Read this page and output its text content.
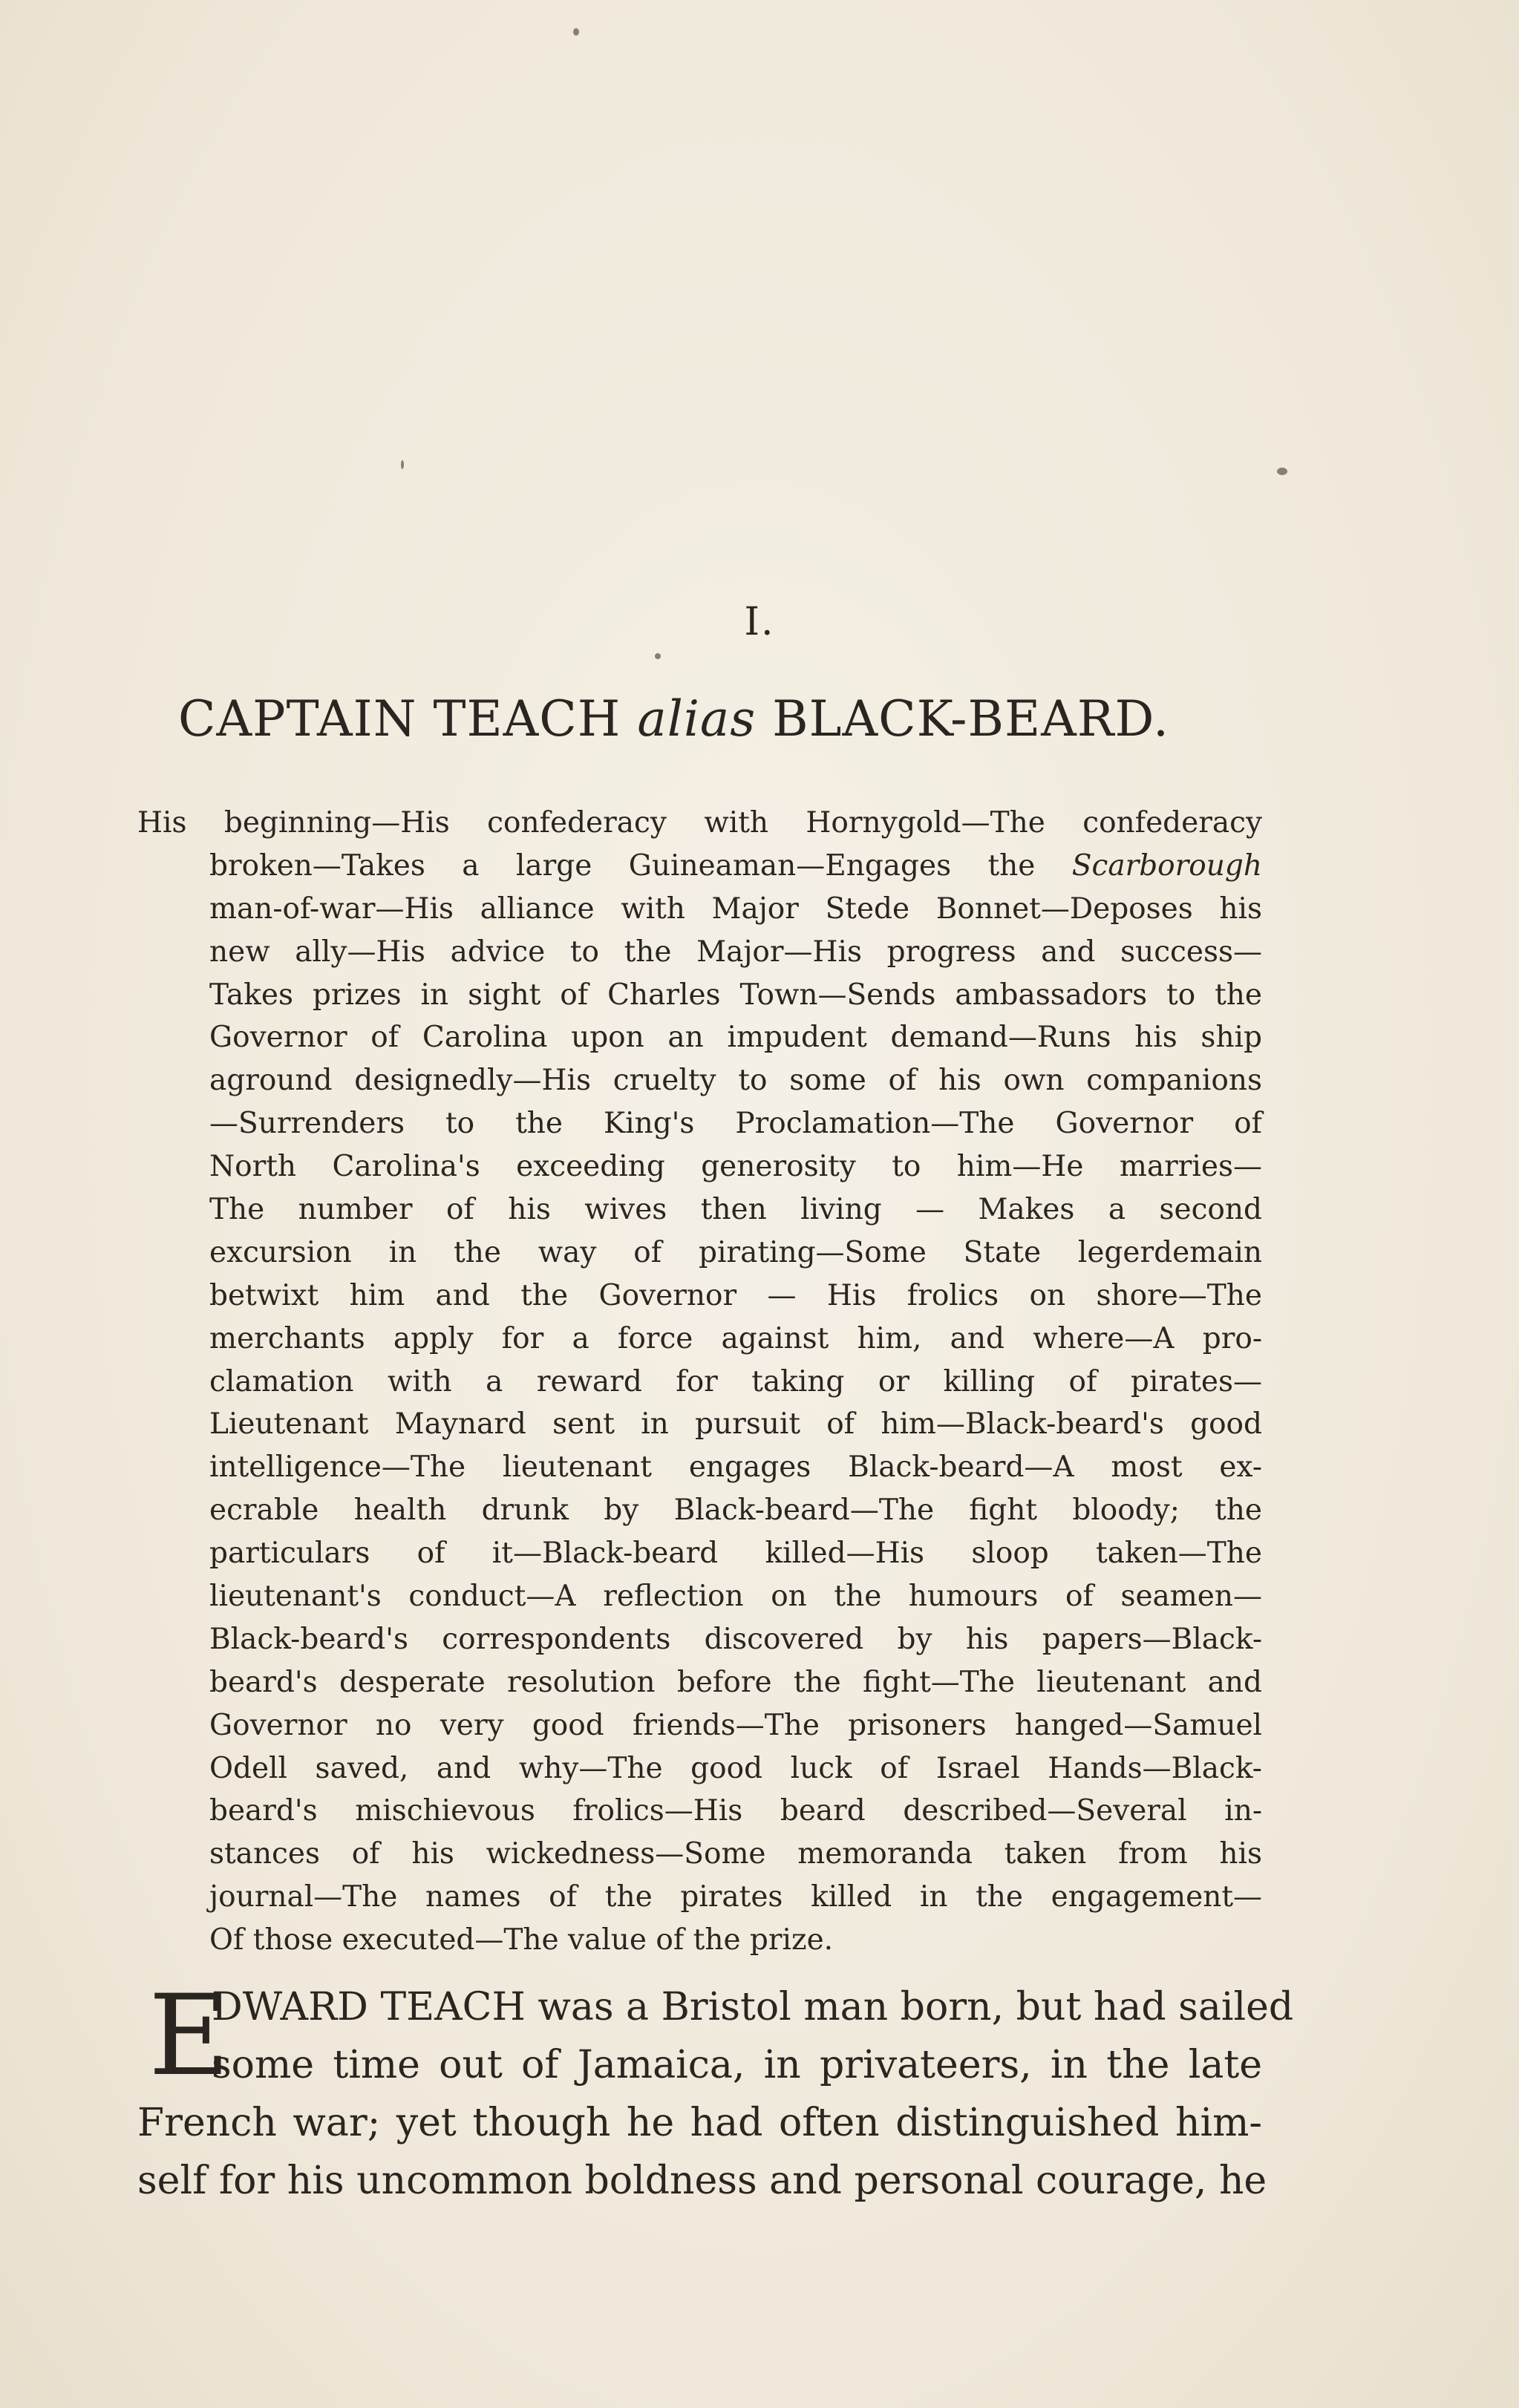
I.
CAPTAIN TEACH alias BLACK-BEARD.
His beginning—His confederacy with Hornygold—The confederacy
broken—Takes a large Guineaman—Engages the Scarborough
man-of-war—His alliance with Major Stede Bonnet—Deposes his
new ally—His advice to the Major—His progress and success—
Takes prizes in sight of Charles Town—Sends ambassadors to the
Governor of Carolina upon an impudent demand—Runs his ship
aground designedly—His cruelty to some of his own companions
—Surrenders to the King's Proclamation—The Governor of
North Carolina's exceeding generosity to him—He marries—
The number of his wives then living — Makes a second
excursion in the way of pirating—Some State legerdemain
betwixt him and the Governor — His frolics on shore—The
merchants apply for a force against him, and where—A pro-
clamation with a reward for taking or killing of pirates—
Lieutenant Maynard sent in pursuit of him—Black-beard's good
intelligence—The lieutenant engages Black-beard—A most ex-
ecrable health drunk by Black-beard—The fight bloody; the
particulars of it—Black-beard killed—His sloop taken—The
lieutenant's conduct—A reflection on the humours of seamen—
Black-beard's correspondents discovered by his papers—Black-
beard's desperate resolution before the fight—The lieutenant and
Governor no very good friends—The prisoners hanged—Samuel
Odell saved, and why—The good luck of Israel Hands—Black-
beard's mischievous frolics—His beard described—Several in-
stances of his wickedness—Some memoranda taken from his
journal—The names of the pirates killed in the engagement—
Of those executed—The value of the prize.
E
DWARD TEACH was a Bristol man born, but had sailed
some time out of Jamaica, in privateers, in the late
French war; yet though he had often distinguished him-
self for his uncommon boldness and personal courage, he
